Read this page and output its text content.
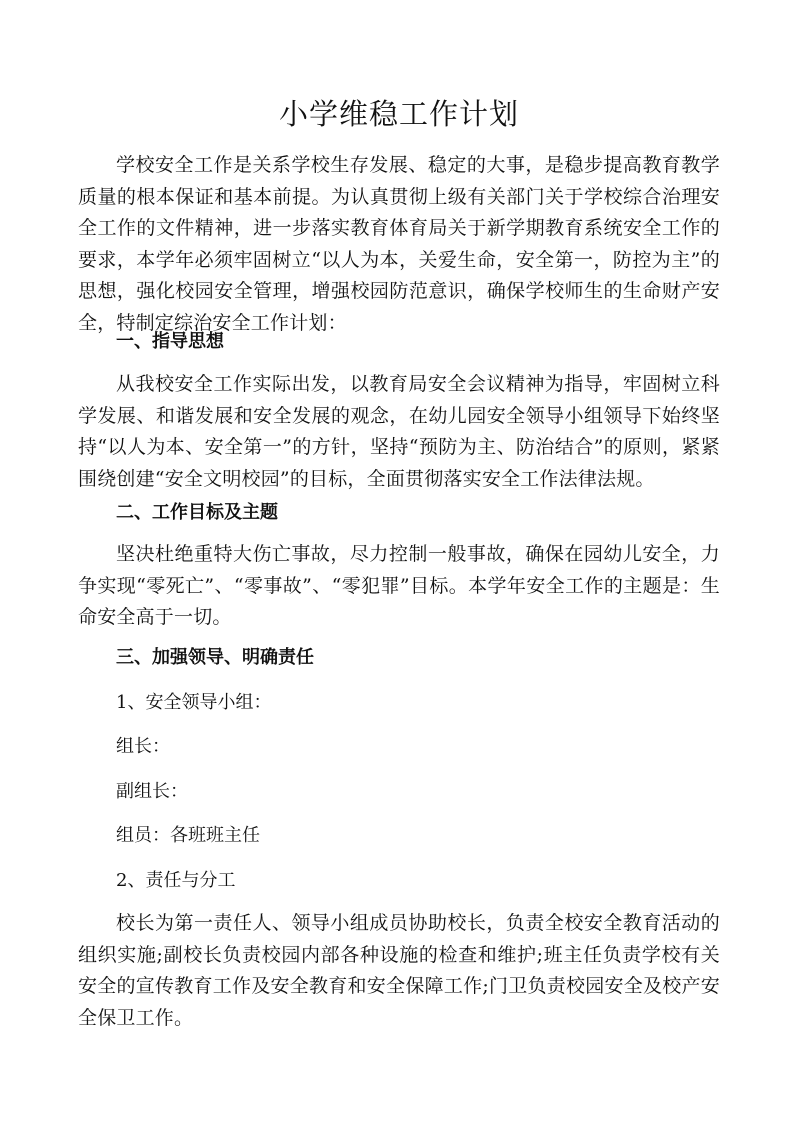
小学维稳工作计划

学校安全工作是关系学校生存发展、稳定的大事，是稳步提高教育教学质量的根本保证和基本前提。为认真贯彻上级有关部门关于学校综合治理安全工作的文件精神，进一步落实教育体育局关于新学期教育系统安全工作的要求，本学年必须牢固树立“以人为本，关爱生命，安全第一，防控为主”的思想，强化校园安全管理，增强校园防范意识，确保学校师生的生命财产安全，特制定综治安全工作计划：

一、指导思想

从我校安全工作实际出发，以教育局安全会议精神为指导，牢固树立科学发展、和谐发展和安全发展的观念，在幼儿园安全领导小组领导下始终坚持“以人为本、安全第一”的方针，坚持“预防为主、防治结合”的原则，紧紧围绕创建“安全文明校园”的目标，全面贯彻落实安全工作法律法规。

二、工作目标及主题

坚决杜绝重特大伤亡事故，尽力控制一般事故，确保在园幼儿安全，力争实现“零死亡”、“零事故”、“零犯罪”目标。本学年安全工作的主题是：生命安全高于一切。

三、加强领导、明确责任

1、安全领导小组：

组长：

副组长：

组员：各班班主任

2、责任与分工

校长为第一责任人、领导小组成员协助校长，负责全校安全教育活动的组织实施;副校长负责校园内部各种设施的检查和维护;班主任负责学校有关安全的宣传教育工作及安全教育和安全保障工作;门卫负责校园安全及校产安全保卫工作。
